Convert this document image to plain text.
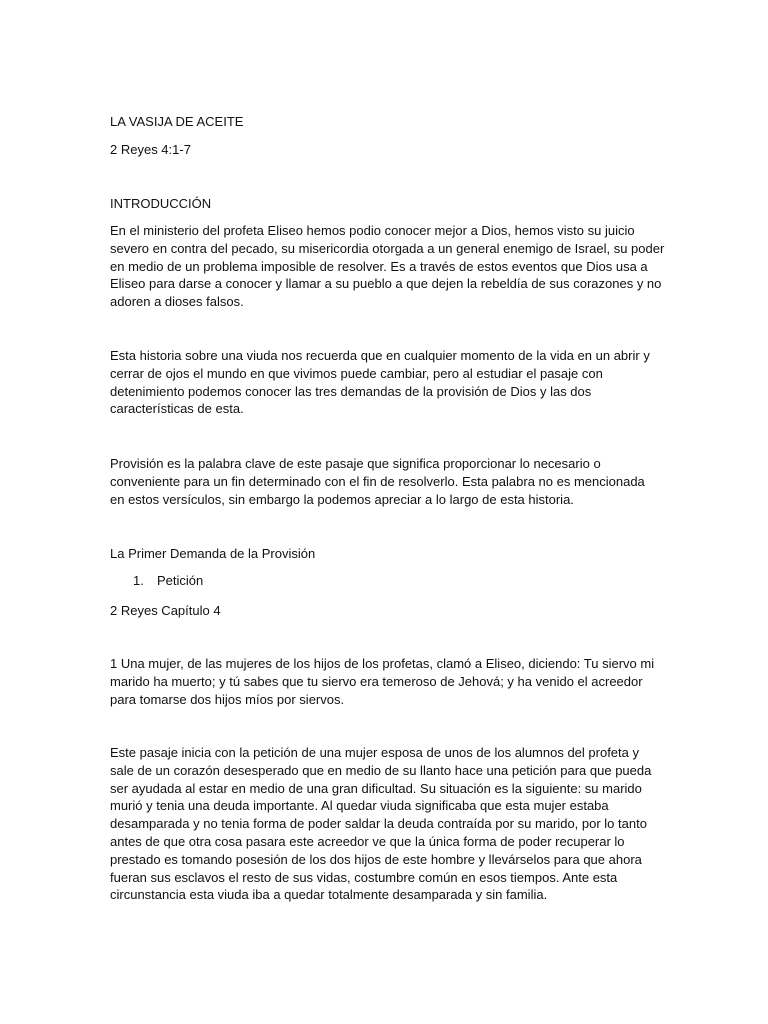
LA VASIJA DE ACEITE
2 Reyes 4:1-7
INTRODUCCIÓN
En el ministerio del profeta Eliseo hemos podio conocer mejor a Dios, hemos visto su juicio
severo en contra del pecado, su misericordia otorgada a un general enemigo de Israel, su poder
en medio de un problema imposible de resolver. Es a través de estos eventos que Dios usa a
Eliseo para darse a conocer y llamar a su pueblo a que dejen la rebeldía de sus corazones y no
adoren a dioses falsos.
Esta historia sobre una viuda nos recuerda que en cualquier momento de la vida en un abrir y
cerrar de ojos el mundo en que vivimos puede cambiar, pero al estudiar el pasaje con
detenimiento podemos conocer las tres demandas de la provisión de Dios y las dos
características de esta.
Provisión es la palabra clave de este pasaje que significa proporcionar lo necesario o
conveniente para un fin determinado con el fin de resolverlo. Esta palabra no es mencionada
en estos versículos, sin embargo la podemos apreciar a lo largo de esta historia.
La Primer Demanda de la Provisión
1. Petición
2 Reyes Capítulo 4
1 Una mujer, de las mujeres de los hijos de los profetas, clamó a Eliseo, diciendo: Tu siervo mi
marido ha muerto; y tú sabes que tu siervo era temeroso de Jehová; y ha venido el acreedor
para tomarse dos hijos míos por siervos.
Este pasaje inicia con la petición de una mujer esposa de unos de los alumnos del profeta y
sale de un corazón desesperado que en medio de su llanto hace una petición para que pueda
ser ayudada al estar en medio de una gran dificultad. Su situación es la siguiente: su marido
murió y tenia una deuda importante. Al quedar viuda significaba que esta mujer estaba
desamparada y no tenia forma de poder saldar la deuda contraída por su marido, por lo tanto
antes de que otra cosa pasara este acreedor ve que la única forma de poder recuperar lo
prestado es tomando posesión de los dos hijos de este hombre y llevárselos para que ahora
fueran sus esclavos el resto de sus vidas, costumbre común en esos tiempos. Ante esta
circunstancia esta viuda iba a quedar totalmente desamparada y sin familia.
